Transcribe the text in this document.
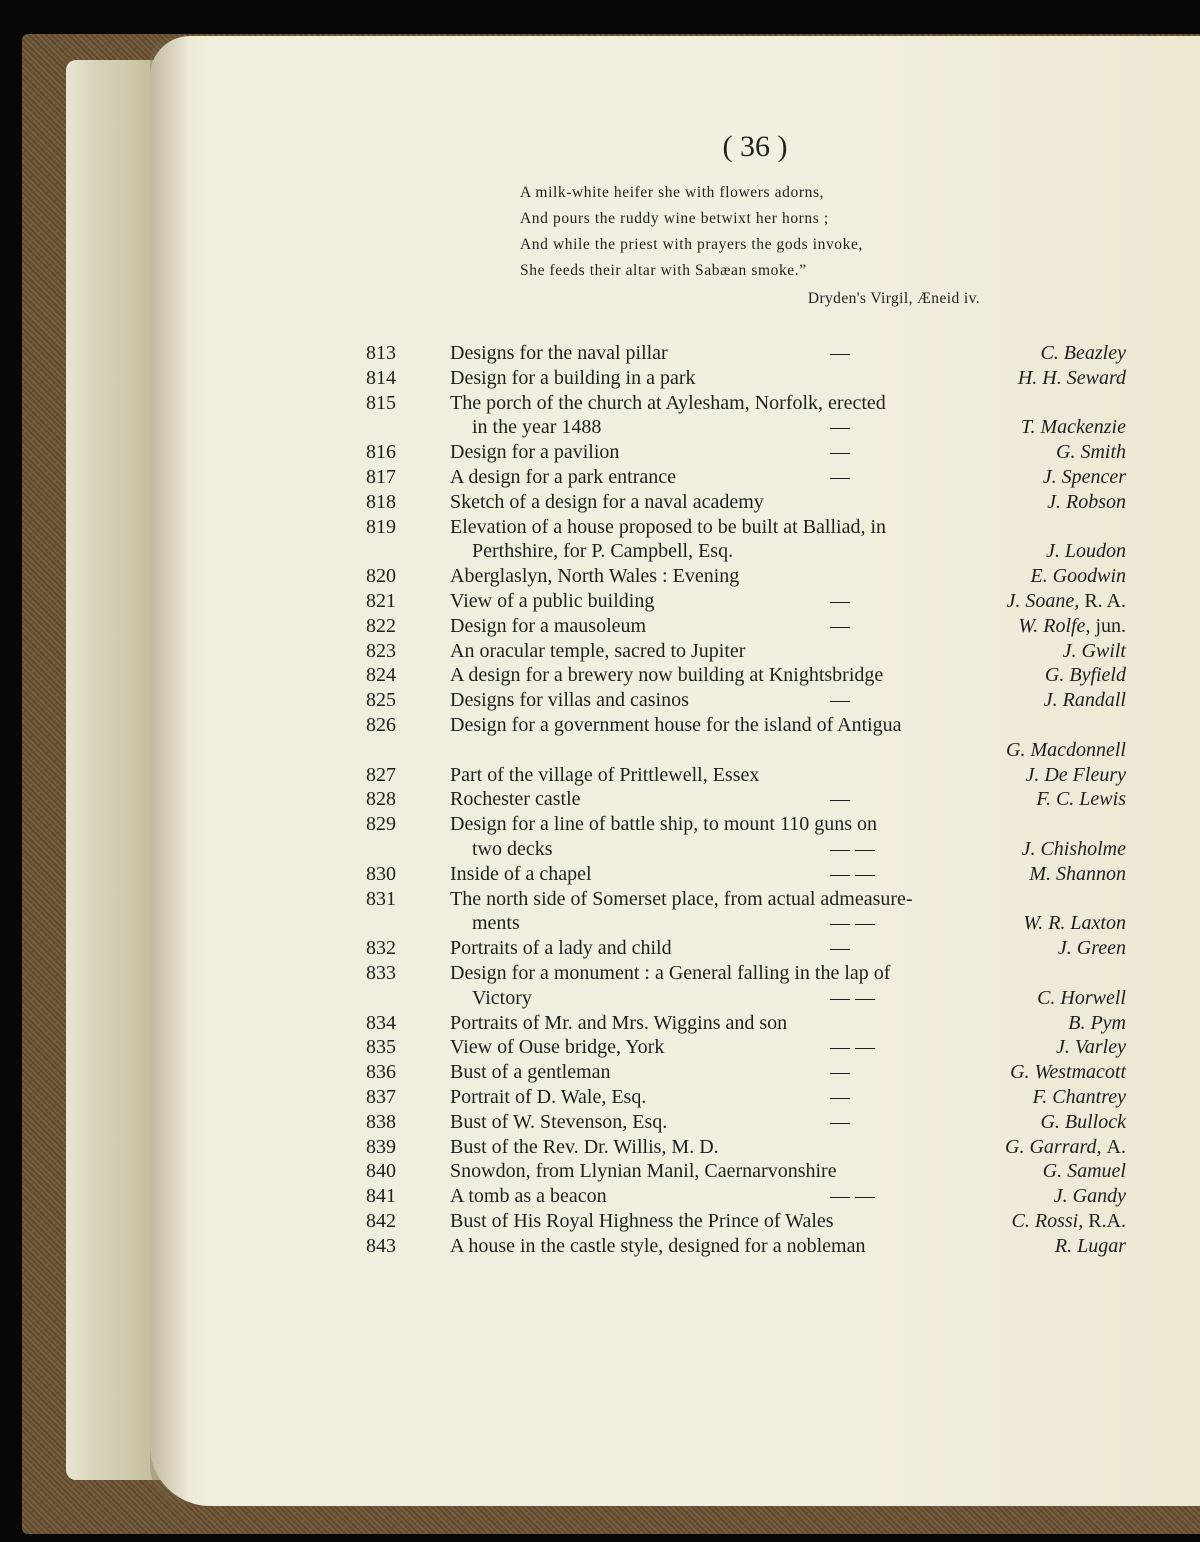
( 36 )
A milk-white heifer she with flowers adorns,
And pours the ruddy wine betwixt her horns ;
And while the priest with prayers the gods invoke,
She feeds their altar with Sabæan smoke.”
Dryden's Virgil, Æneid iv.
813	Designs for the naval pillar	—	C. Beazley
814	Design for a building in a park	H. H. Seward
815	The porch of the church at Aylesham, Norfolk, erected
in the year 1488	—	T. Mackenzie
816	Design for a pavilion	—	G. Smith
817	A design for a park entrance	—	J. Spencer
818	Sketch of a design for a naval academy	J. Robson
819	Elevation of a house proposed to be built at Balliad, in
Perthshire, for P. Campbell, Esq.	J. Loudon
820	Aberglaslyn, North Wales : Evening	E. Goodwin
821	View of a public building	—	J. Soane, R. A.
822	Design for a mausoleum	—	W. Rolfe, jun.
823	An oracular temple, sacred to Jupiter	J. Gwilt
824	A design for a brewery now building at Knightsbridge	G. Byfield
825	Designs for villas and casinos	—	J. Randall
826	Design for a government house for the island of Antigua
G. Macdonnell
827	Part of the village of Prittlewell, Essex	J. De Fleury
828	Rochester castle	—	F. C. Lewis
829	Design for a line of battle ship, to mount 110 guns on
two decks	— —	J. Chisholme
830	Inside of a chapel	— —	M. Shannon
831	The north side of Somerset place, from actual admeasure-
ments	— —	W. R. Laxton
832	Portraits of a lady and child	—	J. Green
833	Design for a monument : a General falling in the lap of
Victory	— —	C. Horwell
834	Portraits of Mr. and Mrs. Wiggins and son	B. Pym
835	View of Ouse bridge, York	— —	J. Varley
836	Bust of a gentleman	—	G. Westmacott
837	Portrait of D. Wale, Esq.	—	F. Chantrey
838	Bust of W. Stevenson, Esq.	—	G. Bullock
839	Bust of the Rev. Dr. Willis, M. D.	G. Garrard, A.
840	Snowdon, from Llynian Manil, Caernarvonshire	G. Samuel
841	A tomb as a beacon	— —	J. Gandy
842	Bust of His Royal Highness the Prince of Wales	C. Rossi, R.A.
843	A house in the castle style, designed for a nobleman	R. Lugar
